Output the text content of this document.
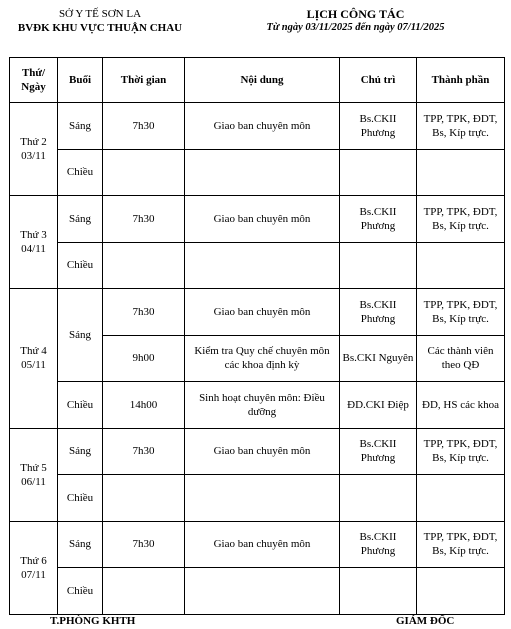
SỞ Y TẾ SƠN LA
BVĐK KHU VỰC THUẬN CHAU
LỊCH CÔNG TÁC
Từ ngày 03/11/2025 đến ngày 07/11/2025
Thứ/ Ngày	Buổi	Thời gian	Nội dung	Chủ trì	Thành phần

Thứ 2
03/11	Sáng	7h30	Giao ban chuyên môn	Bs.CKII Phương	TPP, TPK, ĐDT, Bs, Kíp trực.
	Chiều				

Thứ 3
04/11	Sáng	7h30	Giao ban chuyên môn	Bs.CKII Phương	TPP, TPK, ĐDT, Bs, Kíp trực.
	Chiều				

Thứ 4
05/11	Sáng	7h30	Giao ban chuyên môn	Bs.CKII Phương	TPP, TPK, ĐDT, Bs, Kíp trực.
		9h00	Kiểm tra Quy chế chuyên môn các khoa định kỳ	Bs.CKI Nguyên	Các thành viên theo QĐ
	Chiều	14h00	Sinh hoạt chuyên môn: Điều dưỡng	ĐD.CKI Điệp	ĐD, HS các khoa

Thứ 5
06/11	Sáng	7h30	Giao ban chuyên môn	Bs.CKII Phương	TPP, TPK, ĐDT, Bs, Kíp trực.
	Chiều				

Thứ 6
07/11	Sáng	7h30	Giao ban chuyên môn	Bs.CKII Phương	TPP, TPK, ĐDT, Bs, Kíp trực.
	Chiều				
T.PHÒNG KHTH	GIÁM ĐỐC
